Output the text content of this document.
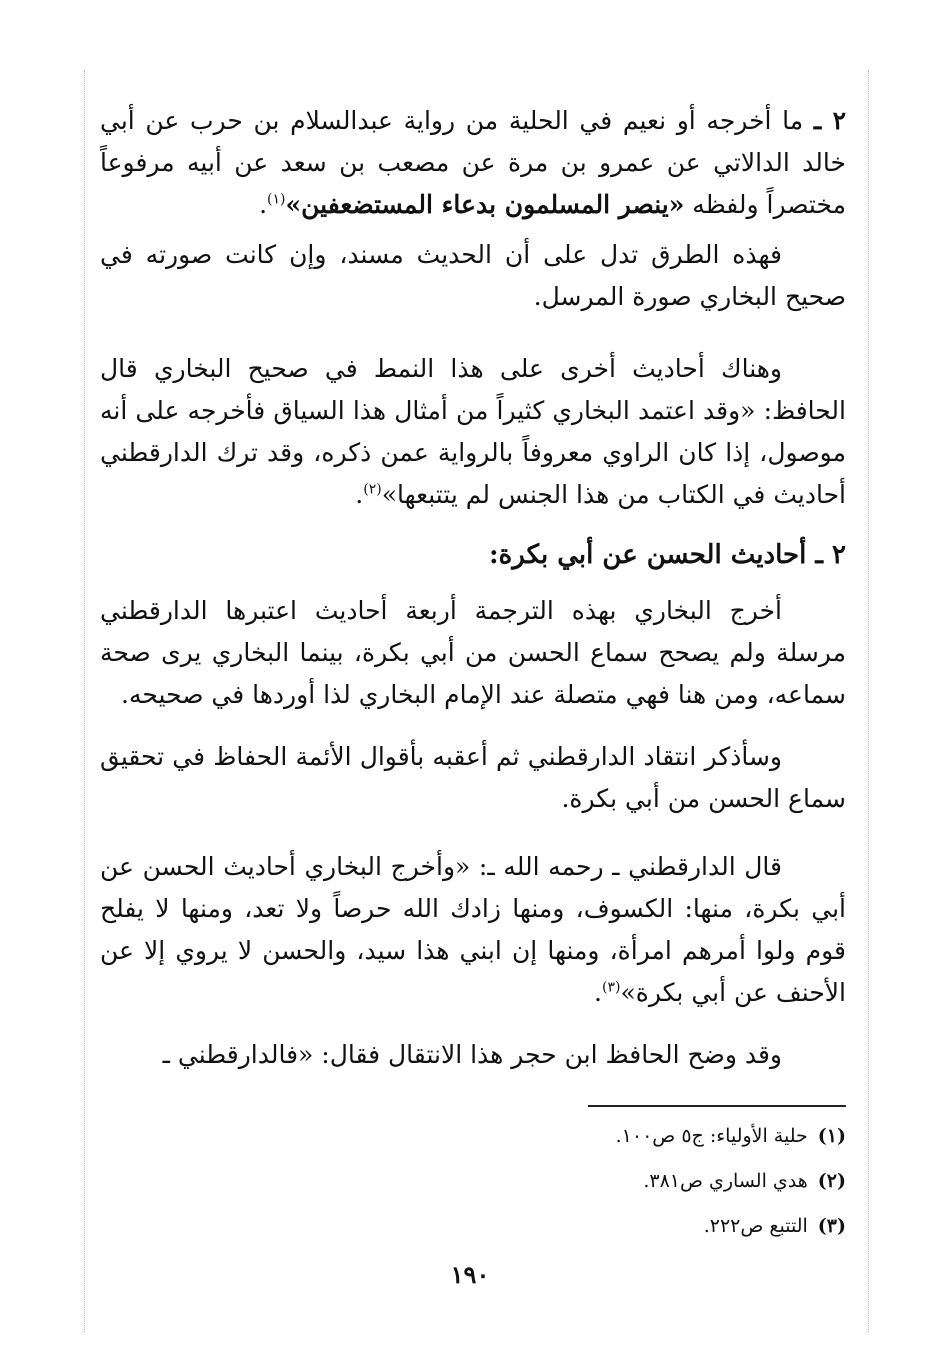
٢ ـ ما أخرجه أو نعيم في الحلية من رواية عبدالسلام بن حرب عن أبي خالد الدالاتي عن عمرو بن مرة عن مصعب بن سعد عن أبيه مرفوعاً مختصراً ولفظه «ينصر المسلمون بدعاء المستضعفين»$^{(١)}$.

فهذه الطرق تدل على أن الحديث مسند، وإن كانت صورته في صحيح البخاري صورة المرسل.

وهناك أحاديث أخرى على هذا النمط في صحيح البخاري قال الحافظ: «وقد اعتمد البخاري كثيراً من أمثال هذا السياق فأخرجه على أنه موصول، إذا كان الراوي معروفاً بالرواية عمن ذكره، وقد ترك الدارقطني أحاديث في الكتاب من هذا الجنس لم يتتبعها»$^{(٢)}$.

٢ ـ أحاديث الحسن عن أبي بكرة:

أخرج البخاري بهذه الترجمة أربعة أحاديث اعتبرها الدارقطني مرسلة ولم يصحح سماع الحسن من أبي بكرة، بينما البخاري يرى صحة سماعه، ومن هنا فهي متصلة عند الإمام البخاري لذا أوردها في صحيحه.

وسأذكر انتقاد الدارقطني ثم أعقبه بأقوال الأئمة الحفاظ في تحقيق سماع الحسن من أبي بكرة.

قال الدارقطني ـ رحمه الله ـ: «وأخرج البخاري أحاديث الحسن عن أبي بكرة، منها: الكسوف، ومنها زادك الله حرصاً ولا تعد، ومنها لا يفلح قوم ولوا أمرهم امرأة، ومنها إن ابني هذا سيد، والحسن لا يروي إلا عن الأحنف عن أبي بكرة»$^{(٣)}$.

وقد وضح الحافظ ابن حجر هذا الانتقال فقال: «فالدارقطني ـ

(١)حلية الأولياء: ج٥ ص١٠٠.
(٢)هدي الساري ص٣٨١.
(٣)التتبع ص٢٢٢.
١٩٠
